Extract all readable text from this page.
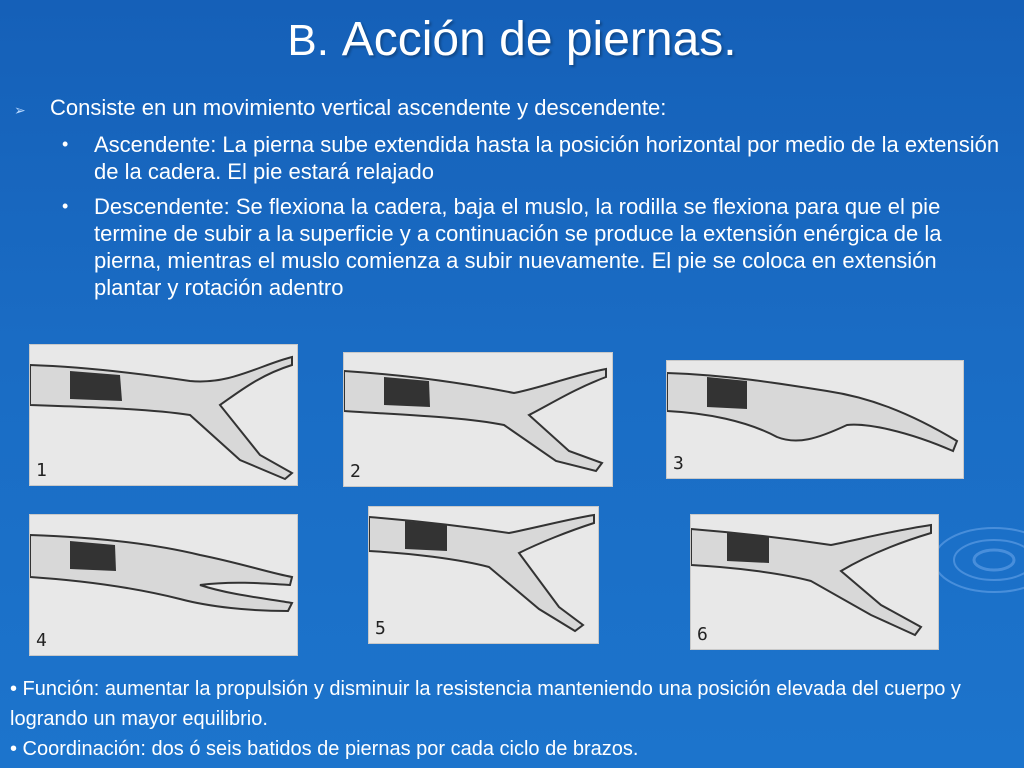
B. Acción de piernas.
➢ Consiste en un movimiento vertical ascendente y descendente:
• Ascendente: La pierna sube extendida hasta la posición horizontal por medio de la extensión de la cadera. El pie estará relajado
• Descendente: Se flexiona la cadera, baja el muslo, la rodilla se flexiona para que el pie termine de subir a la superficie y a continuación se produce la extensión enérgica de la pierna, mientras el muslo comienza a subir nuevamente. El pie se coloca en extensión plantar y rotación adentro
1	2	3
4
5	6
• Función: aumentar la propulsión y disminuir la resistencia manteniendo una posición elevada del cuerpo y logrando un mayor equilibrio.
• Coordinación: dos ó seis batidos de piernas por cada ciclo de brazos.
